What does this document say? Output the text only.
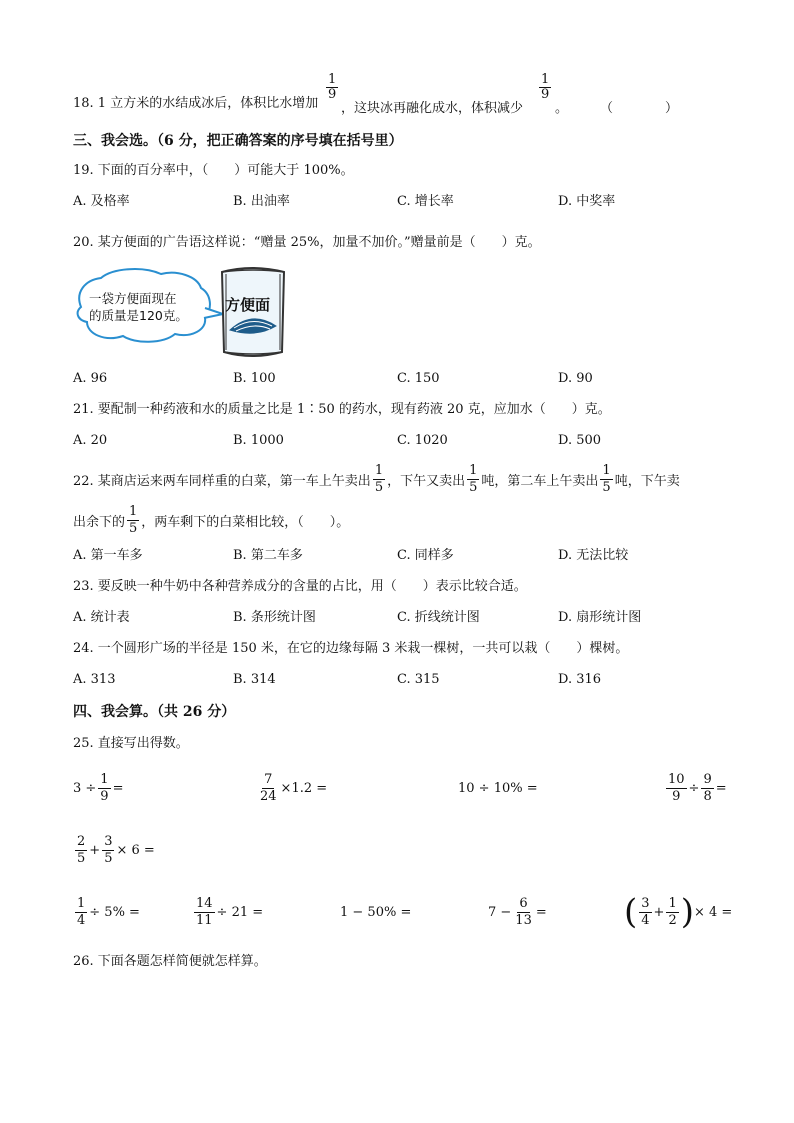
18. 1 立方米的水结成冰后，体积比水增加
$\frac{1}{9}$
，这块冰再融化成水，体积减少
$\frac{1}{9}$
。 （　　　　）
三、我会选。（6 分，把正确答案的序号填在括号里）
19. 下面的百分率中，（　　）可能大于 100%。
A. 及格率	B. 出油率	C. 增长率	D. 中奖率
20. 某方便面的广告语这样说：“赠量 25%，加量不加价。”赠量前是（　　）克。
一袋方便面现在
的质量是120克。
方便面
A. 96	B. 100	C. 150	D. 90
21. 要配制一种药液和水的质量之比是 1∶50 的药水，现有药液 20 克，应加水（　　）克。
A. 20	B. 1000	C. 1020	D. 500
22. 某商店运来两车同样重的白菜，第一车上午卖出 $\frac{1}{5}$ ，下午又卖出 $\frac{1}{5}$ 吨，第二车上午卖出 $\frac{1}{5}$ 吨，下午卖
出余下的 $\frac{1}{5}$ ，两车剩下的白菜相比较，（　　）。
A. 第一车多	B. 第二车多	C. 同样多	D. 无法比较
23. 要反映一种牛奶中各种营养成分的含量的占比，用（　　）表示比较合适。
A. 统计表	B. 条形统计图	C. 折线统计图	D. 扇形统计图
24. 一个圆形广场的半径是 150 米，在它的边缘每隔 3 米栽一棵树，一共可以栽（　　）棵树。
A. 313	B. 314	C. 315	D. 316
四、我会算。（共 26 分）
25. 直接写出得数。
$3 \div \frac{1}{9}$ =	$\frac{7}{24} \times 1.2$ =	10 ÷ 10% =	$\frac{10}{9} \div \frac{9}{8}$ =
$\frac{2}{5} + \frac{3}{5} \times 6$ =
$\frac{1}{4} \div 5\%$ =	$\frac{14}{11} \div 21$ =	1 − 50% =	$7 - \frac{6}{13}$ = ( $\frac{3}{4} + \frac{1}{2}$ ) × 4 =
26. 下面各题怎样简便就怎样算。
